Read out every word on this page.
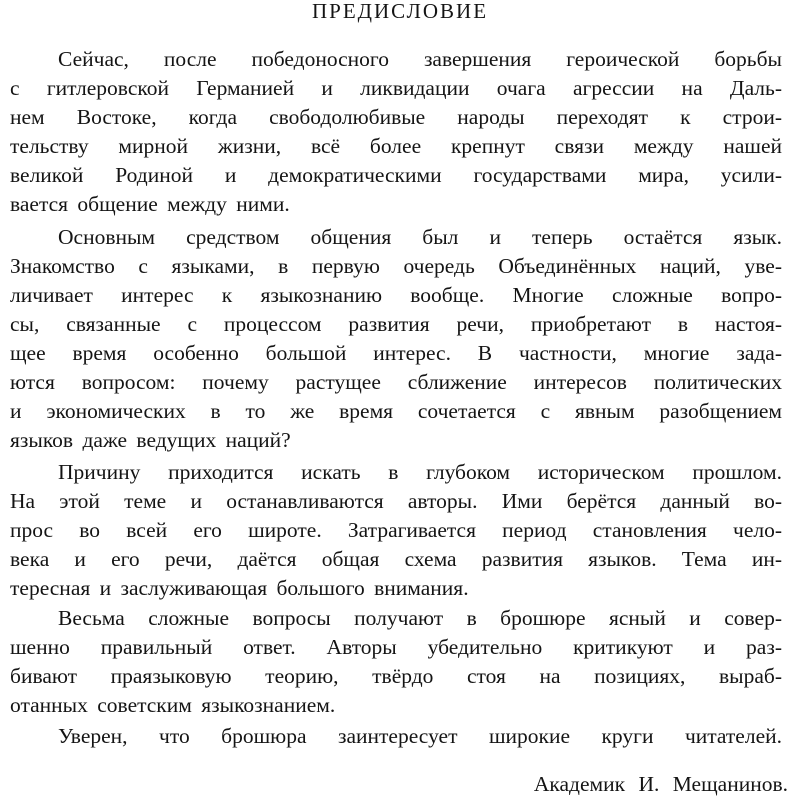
ПРЕДИСЛОВИЕ
Сейчас, после победоносного завершения героической борьбы
с гитлеровской Германией и ликвидации очага агрессии на Даль-
нем Востоке, когда свободолюбивые народы переходят к строи-
тельству мирной жизни, всё более крепнут связи между нашей
великой Родиной и демократическими государствами мира, усили-
вается общение между ними.
Основным средством общения был и теперь остаётся язык.
Знакомство с языками, в первую очередь Объединённых наций, уве-
личивает интерес к языкознанию вообще. Многие сложные вопро-
сы, связанные с процессом развития речи, приобретают в настоя-
щее время особенно большой интерес. В частности, многие зада-
ются вопросом: почему растущее сближение интересов политических
и экономических в то же время сочетается с явным разобщением
языков даже ведущих наций?
Причину приходится искать в глубоком историческом прошлом.
На этой теме и останавливаются авторы. Ими берётся данный во-
прос во всей его широте. Затрагивается период становления чело-
века и его речи, даётся общая схема развития языков. Тема ин-
тересная и заслуживающая большого внимания.
Весьма сложные вопросы получают в брошюре ясный и совер-
шенно правильный ответ. Авторы убедительно критикуют и раз-
бивают праязыковую теорию, твёрдо стоя на позициях, выраб-
отанных советским языкознанием.
Уверен, что брошюра заинтересует широкие круги читателей.
Академик И. Мещанинов.
